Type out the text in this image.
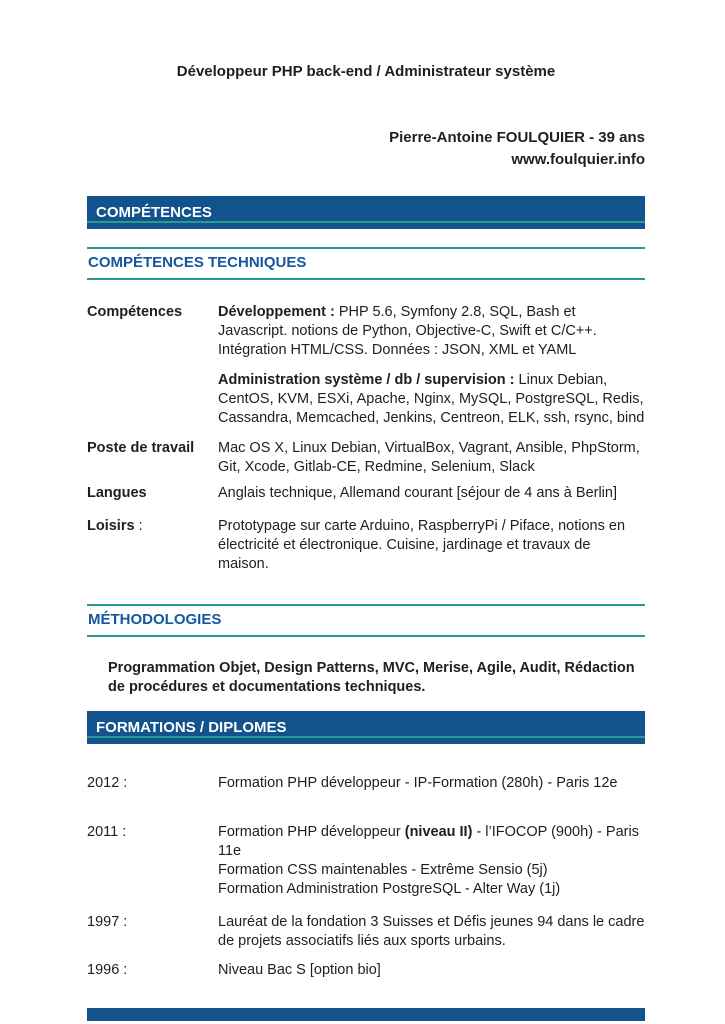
Développeur PHP back-end / Administrateur système
Pierre-Antoine FOULQUIER - 39 ans
www.foulquier.info
COMPÉTENCES
COMPÉTENCES TECHNIQUES
Compétences	Développement : PHP 5.6, Symfony 2.8, SQL, Bash et Javascript. notions de Python, Objective-C, Swift et C/C++. Intégration HTML/CSS. Données : JSON, XML et YAML

Administration système / db / supervision : Linux Debian, CentOS, KVM, ESXi, Apache, Nginx, MySQL, PostgreSQL, Redis, Cassandra, Memcached, Jenkins, Centreon, ELK, ssh, rsync, bind

Poste de travail	Mac OS X, Linux Debian, VirtualBox, Vagrant, Ansible, PhpStorm, Git, Xcode, Gitlab-CE, Redmine, Selenium, Slack

Langues	Anglais technique, Allemand courant [séjour de 4 ans à Berlin]

Loisirs :	Prototypage sur carte Arduino, RaspberryPi / Piface, notions en électricité et électronique. Cuisine, jardinage et travaux de maison.

MÉTHODOLOGIES
Programmation Objet, Design Patterns, MVC, Merise, Agile, Audit, Rédaction de procédures et documentations techniques.
FORMATIONS / DIPLOMES
2012 :	Formation PHP développeur - IP-Formation (280h) - Paris 12e

2011 :	Formation PHP développeur (niveau II) - l’IFOCOP (900h) - Paris 11e

Formation CSS maintenables - Extrême Sensio (5j)

Formation Administration PostgreSQL - Alter Way (1j)

1997 :	Lauréat de la fondation 3 Suisses et Défis jeunes 94 dans le cadre de projets associatifs liés aux sports urbains.

1996 :	Niveau Bac S [option bio]
